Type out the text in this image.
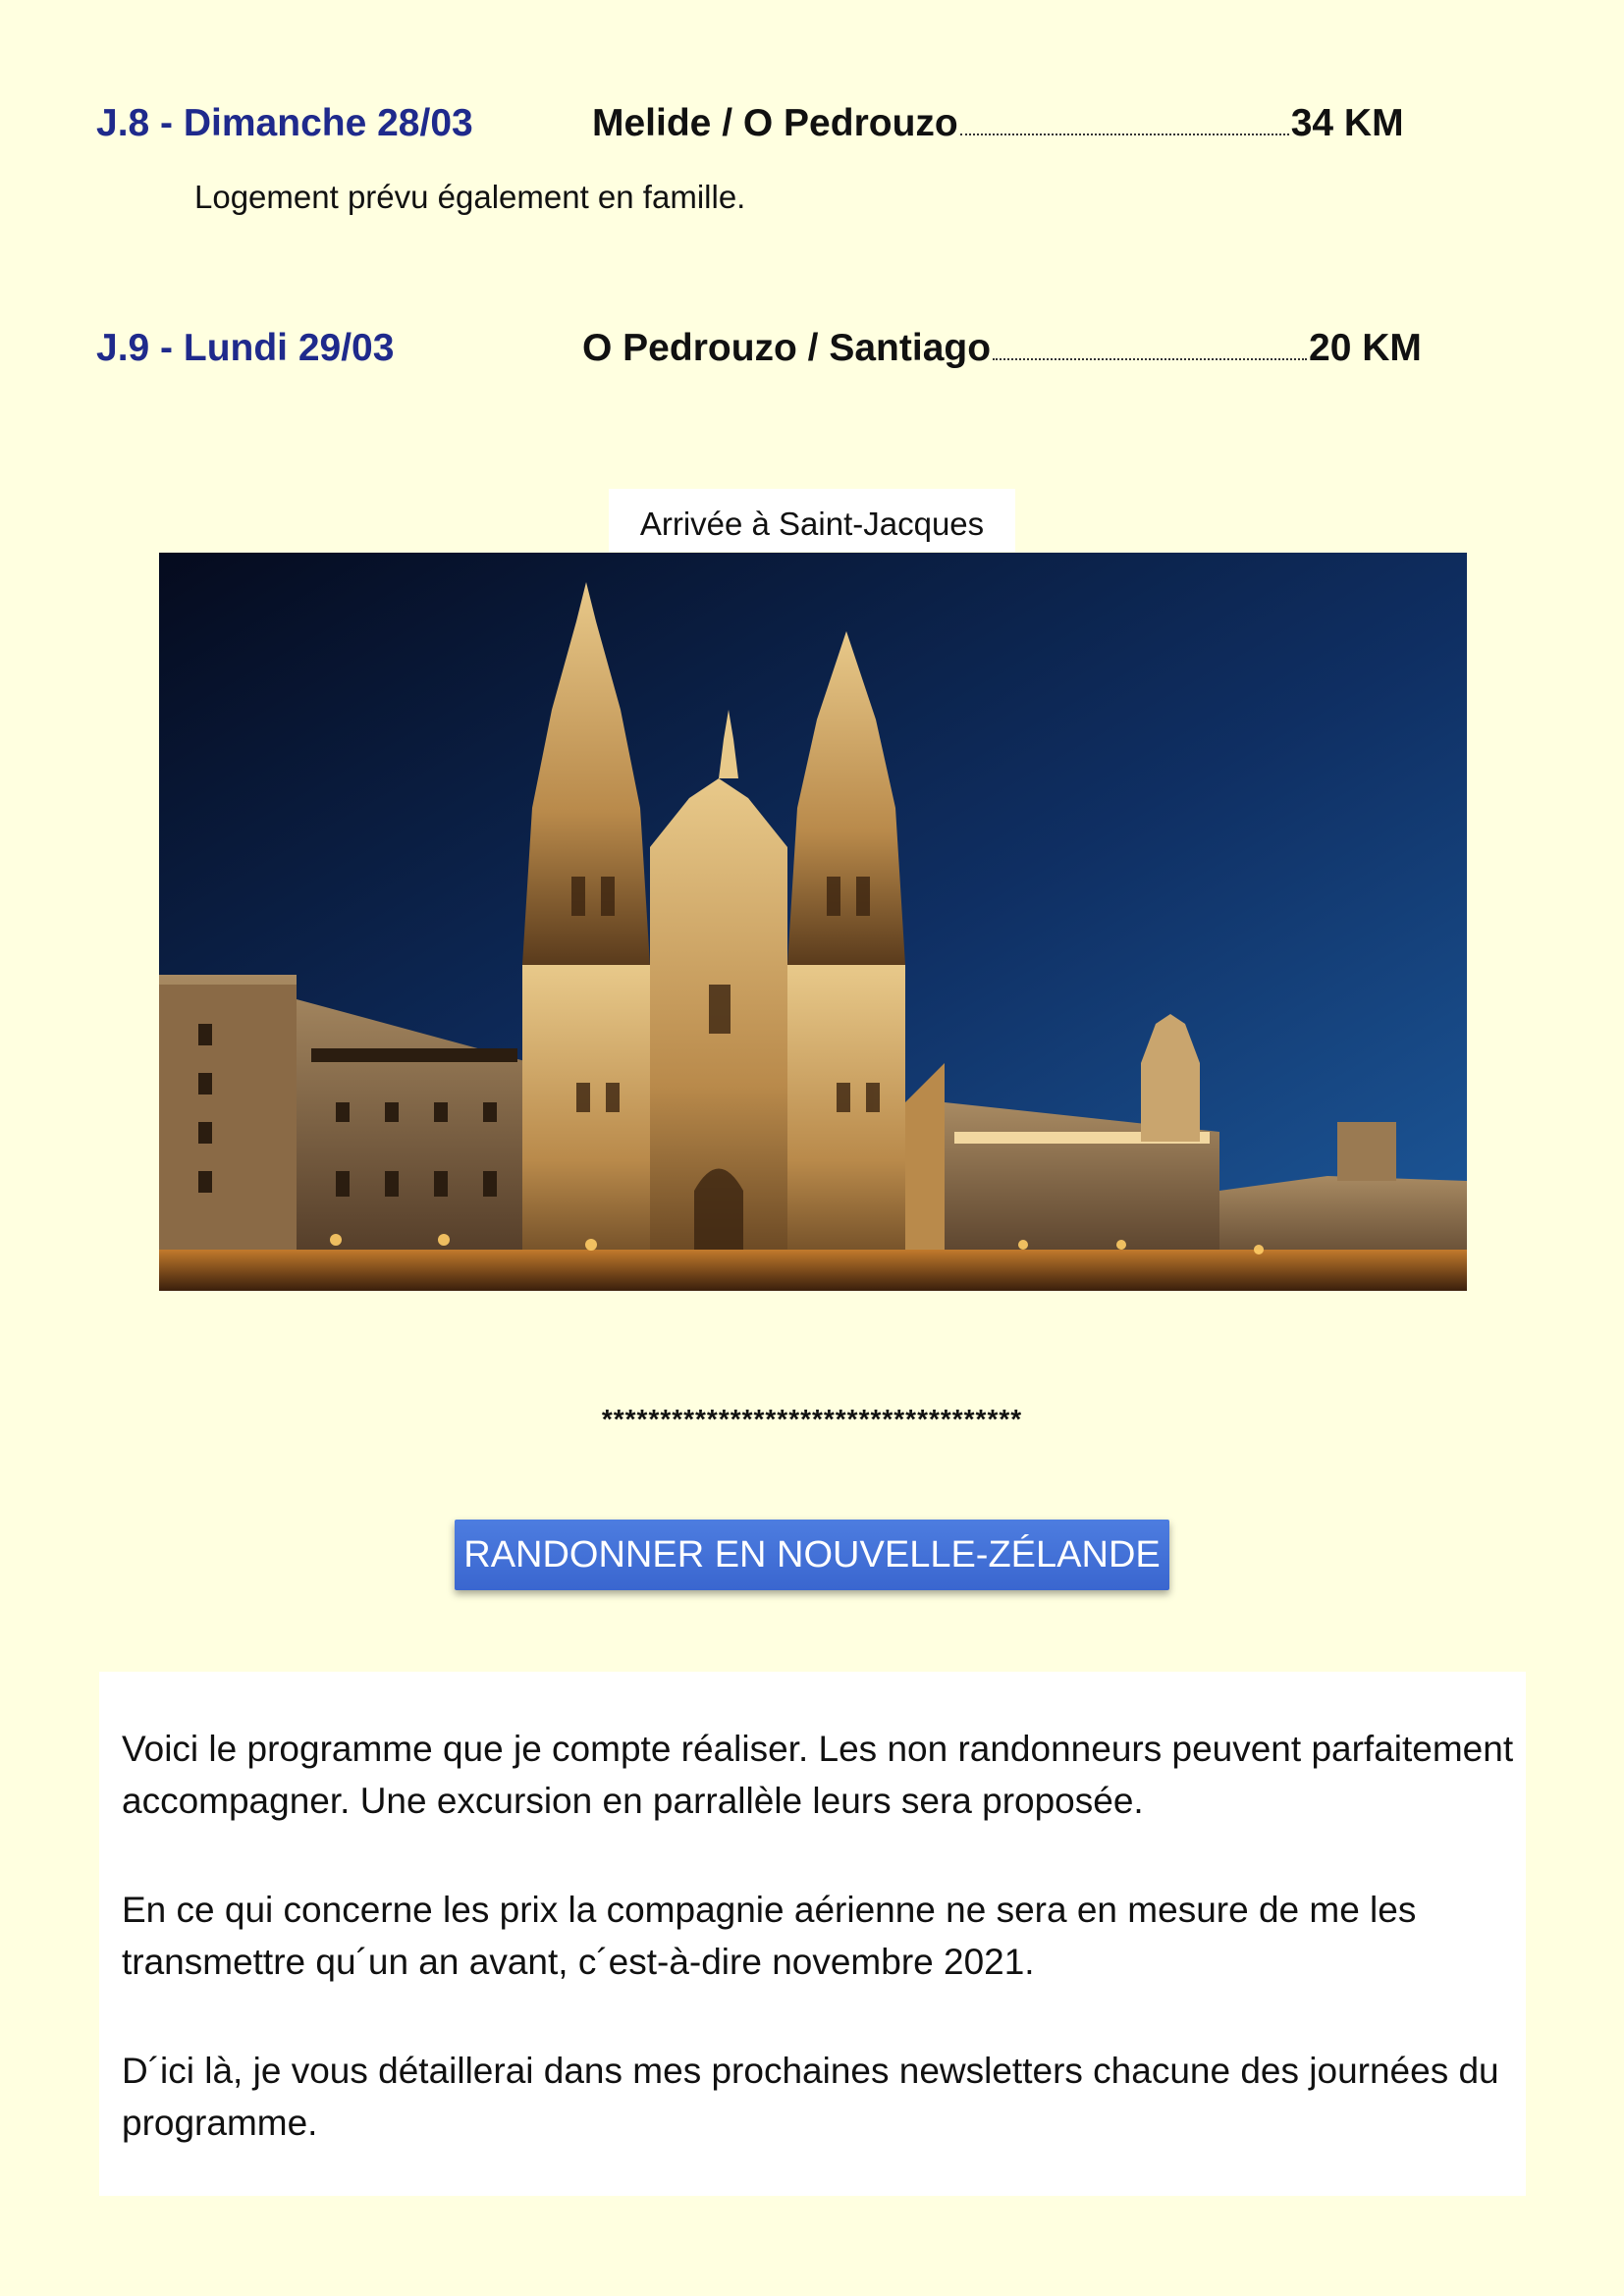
J.8 - Dimanche 28/03	Melide / O Pedrouzo	34 KM
Logement prévu également en famille.
J.9 - Lundi 29/03	O Pedrouzo / Santiago	20 KM
Arrivée à Saint-Jacques
************************************
RANDONNER EN NOUVELLE-ZÉLANDE
Voici le programme que je compte réaliser. Les non randonneurs peuvent parfaitement accompagner. Une excursion en parrallèle leurs sera proposée.
En ce qui concerne les prix la compagnie aérienne ne sera en mesure de me les transmettre qu´un an avant, c´est-à-dire novembre 2021.
D´ici là, je vous détaillerai dans mes prochaines newsletters chacune des journées du programme.
